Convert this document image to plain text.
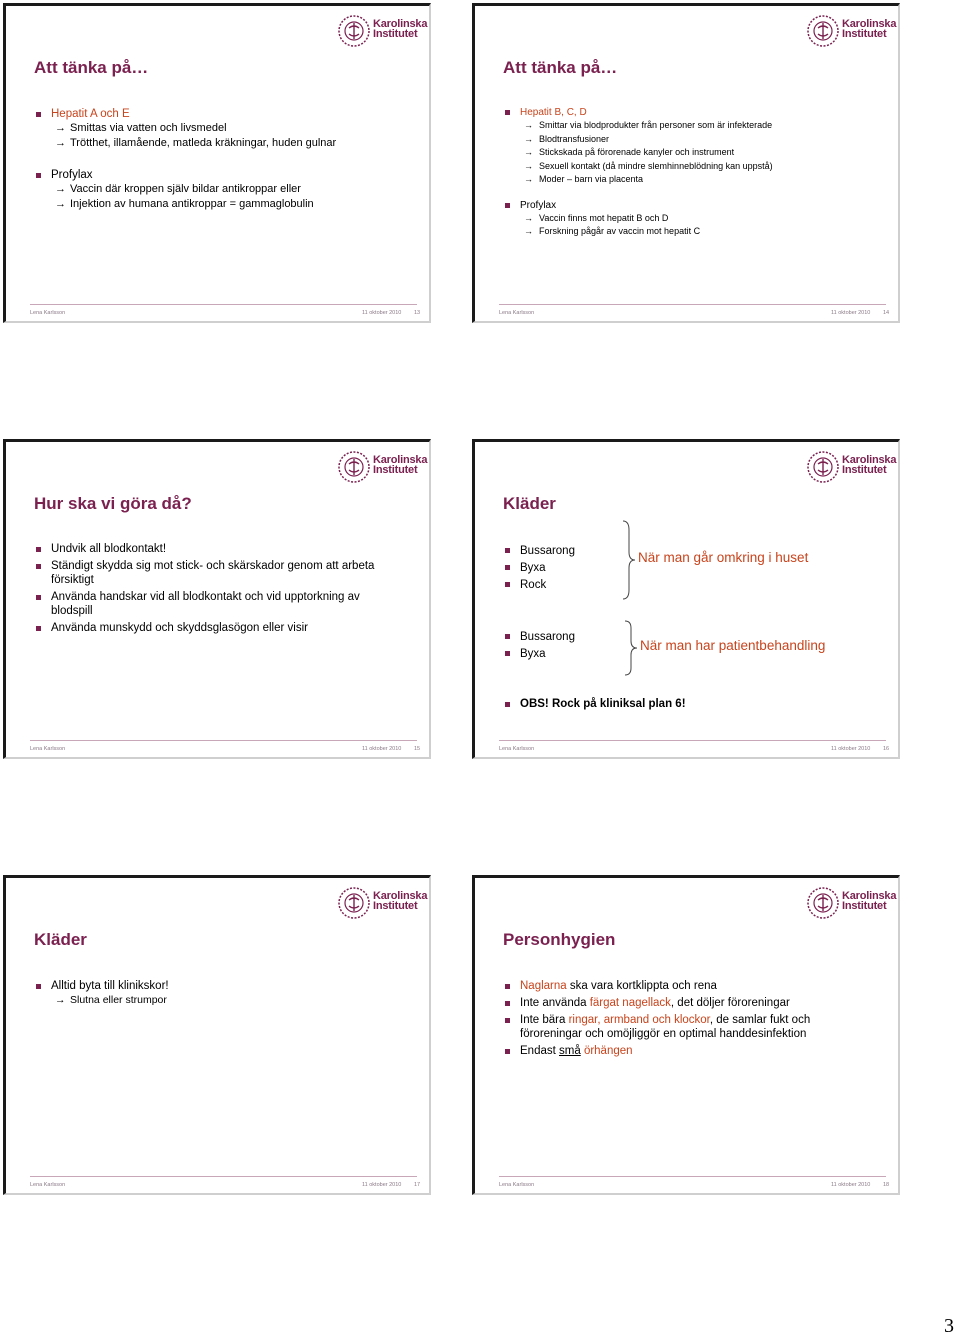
Karolinska
Institutet
Att tänka på…
Hepatit A och E
→ Smittas via vatten och livsmedel
→ Trötthet, illamående, matleda kräkningar, huden gulnar
Profylax
→ Vaccin där kroppen själv bildar antikroppar eller
→ Injektion av humana antikroppar = gammaglobulin
Lena Karlsson	11 oktober 2010 13
Karolinska
Institutet
Att tänka på…
Hepatit B, C, D
→ Smittar via blodprodukter från personer som är infekterade
→ Blodtransfusioner
→ Stickskada på förorenade kanyler och instrument
→ Sexuell kontakt (då mindre slemhinneblödning kan uppstå)
→ Moder – barn via placenta
Profylax
→ Vaccin finns mot hepatit B och D
→ Forskning pågår av vaccin mot hepatit C
Lena Karlsson	11 oktober 2010 14
Karolinska
Institutet
Hur ska vi göra då?
Undvik all blodkontakt!
Ständigt skydda sig mot stick- och skärskador genom att arbeta försiktigt
Använda handskar vid all blodkontakt och vid upptorkning av blodspill
Använda munskydd och skyddsglasögon eller visir
Lena Karlsson	11 oktober 2010 15
Karolinska
Institutet
Kläder
Bussarong
Byxa
Rock
När man går omkring i huset
Bussarong
Byxa
När man har patientbehandling
OBS! Rock på kliniksal plan 6!
Lena Karlsson	11 oktober 2010 16
Karolinska
Institutet
Kläder
Alltid byta till klinikskor!
→ Slutna eller strumpor
Lena Karlsson	11 oktober 2010 17
Karolinska
Institutet
Personhygien
Naglarna ska vara kortklippta och rena
Inte använda färgat nagellack, det döljer föroreningar
Inte bära ringar, armband och klockor, de samlar fukt och föroreningar och omöjliggör en optimal handdesinfektion
Endast små örhängen
Lena Karlsson	11 oktober 2010 18
3
